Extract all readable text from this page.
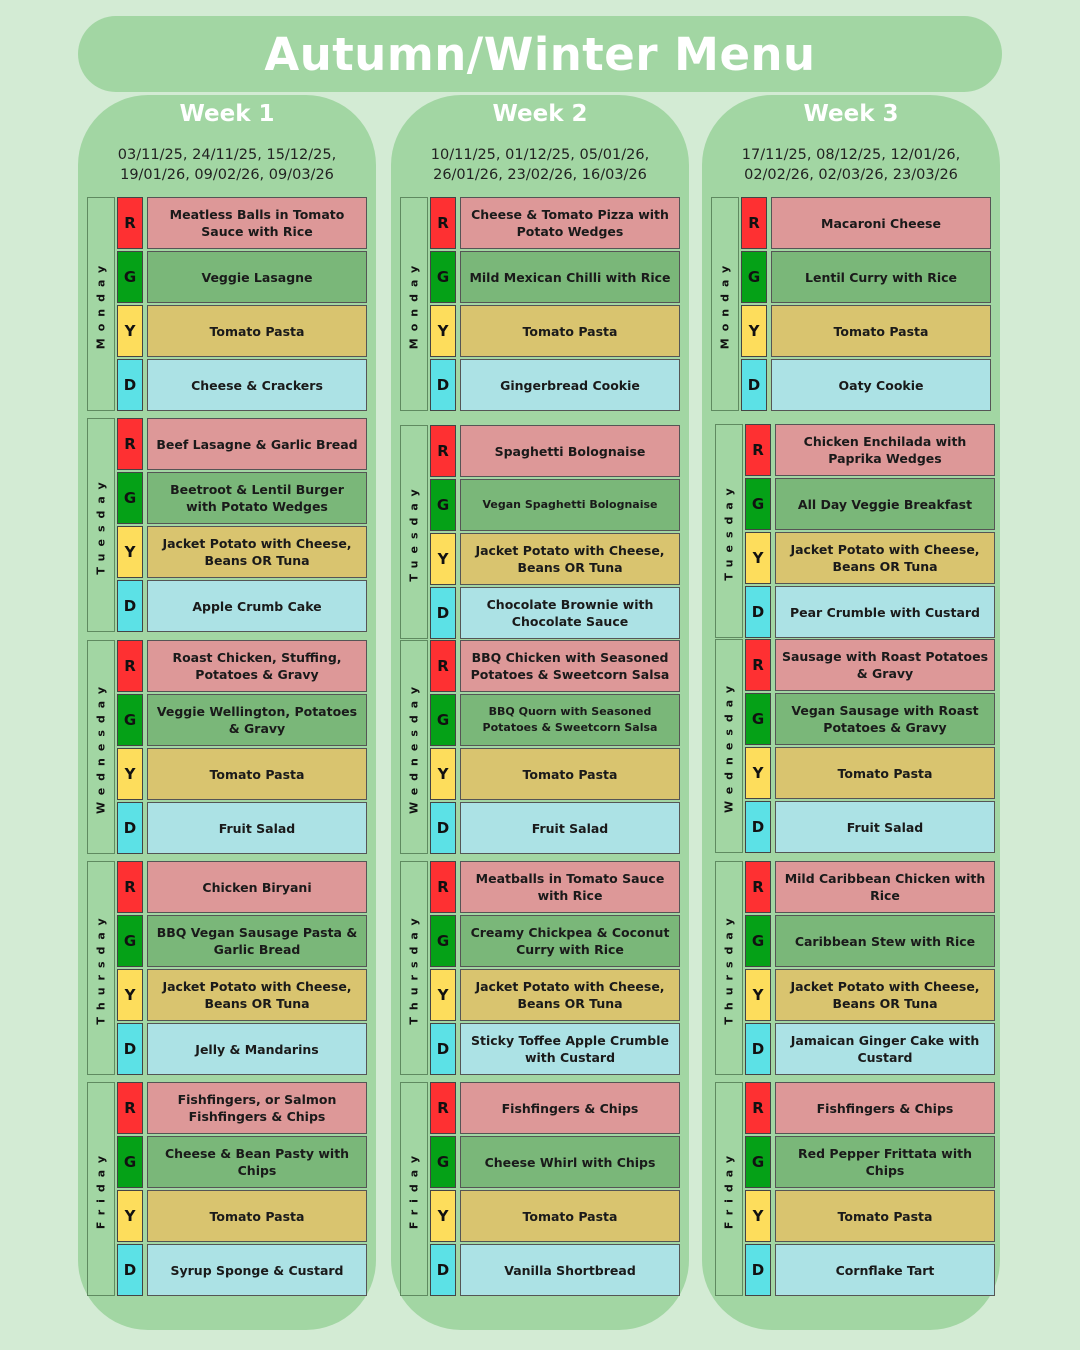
Autumn/Winter Menu
Week 1
03/11/25, 24/11/25, 15/12/25, 19/01/26, 09/02/26, 09/03/26
Monday
R	Meatless Balls in Tomato Sauce with Rice
G	Veggie Lasagne
Y	Tomato Pasta
D	Cheese & Crackers
Tuesday
R	Beef Lasagne & Garlic Bread
G	Beetroot & Lentil Burger with Potato Wedges
Y	Jacket Potato with Cheese, Beans OR Tuna
D	Apple Crumb Cake
Wednesday
R	Roast Chicken, Stuffing, Potatoes & Gravy
G	Veggie Wellington, Potatoes & Gravy
Y	Tomato Pasta
D	Fruit Salad
Thursday
R	Chicken Biryani
G	BBQ Vegan Sausage Pasta & Garlic Bread
Y	Jacket Potato with Cheese, Beans OR Tuna
D	Jelly & Mandarins
Friday
R	Fishfingers, or Salmon Fishfingers & Chips
G	Cheese & Bean Pasty with Chips
Y	Tomato Pasta
D	Syrup Sponge & Custard
Week 2
10/11/25, 01/12/25, 05/01/26, 26/01/26, 23/02/26, 16/03/26
Monday
R	Cheese & Tomato Pizza with Potato Wedges
G	Mild Mexican Chilli with Rice
Y	Tomato Pasta
D	Gingerbread Cookie
Tuesday
R	Spaghetti Bolognaise
G	Vegan Spaghetti Bolognaise
Y	Jacket Potato with Cheese, Beans OR Tuna
D	Chocolate Brownie with Chocolate Sauce
Wednesday
R	BBQ Chicken with Seasoned Potatoes & Sweetcorn Salsa
G	BBQ Quorn with Seasoned Potatoes & Sweetcorn Salsa
Y	Tomato Pasta
D	Fruit Salad
Thursday
R	Meatballs in Tomato Sauce with Rice
G	Creamy Chickpea & Coconut Curry with Rice
Y	Jacket Potato with Cheese, Beans OR Tuna
D	Sticky Toffee Apple Crumble with Custard
Friday
R	Fishfingers & Chips
G	Cheese Whirl with Chips
Y	Tomato Pasta
D	Vanilla Shortbread
Week 3
17/11/25, 08/12/25, 12/01/26, 02/02/26, 02/03/26, 23/03/26
Monday
R	Macaroni Cheese
G	Lentil Curry with Rice
Y	Tomato Pasta
D	Oaty Cookie
Tuesday
R	Chicken Enchilada with Paprika Wedges
G	All Day Veggie Breakfast
Y	Jacket Potato with Cheese, Beans OR Tuna
D	Pear Crumble with Custard
Wednesday
R	Sausage with Roast Potatoes & Gravy
G	Vegan Sausage with Roast Potatoes & Gravy
Y	Tomato Pasta
D	Fruit Salad
Thursday
R	Mild Caribbean Chicken with Rice
G	Caribbean Stew with Rice
Y	Jacket Potato with Cheese, Beans OR Tuna
D	Jamaican Ginger Cake with Custard
Friday
R	Fishfingers & Chips
G	Red Pepper Frittata with Chips
Y	Tomato Pasta
D	Cornflake Tart
